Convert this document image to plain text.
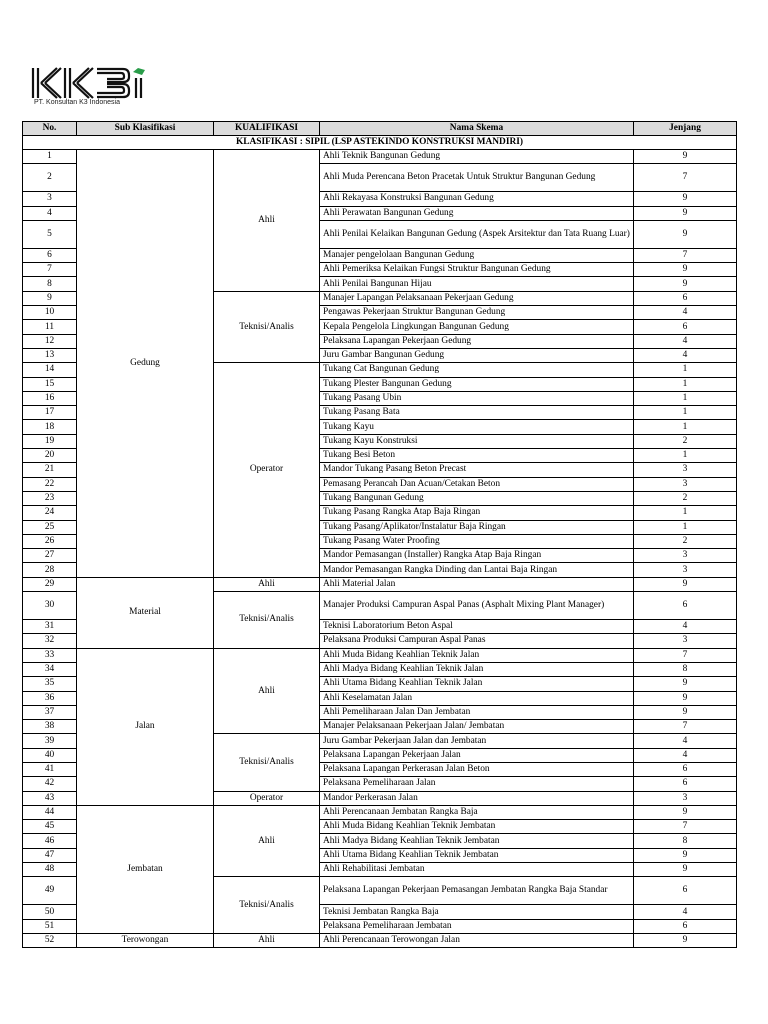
PT. Konsultan K3 Indonesia
No.	Sub Klasifikasi	KUALIFIKASI	Nama Skema	Jenjang
KLASIFIKASI : SIPIL (LSP ASTEKINDO KONSTRUKSI MANDIRI)				
1	Gedung	Ahli	Ahli Teknik Bangunan Gedung	9
2			Ahli Muda Perencana Beton Pracetak Untuk Struktur Bangunan Gedung	7
3			Ahli Rekayasa Konstruksi Bangunan Gedung	9
4			Ahli Perawatan Bangunan Gedung	9
5			Ahli Penilai Kelaikan Bangunan Gedung (Aspek Arsitektur dan Tata Ruang Luar)	9
6			Manajer pengelolaan Bangunan Gedung	7
7			Ahli Pemeriksa Kelaikan Fungsi Struktur Bangunan Gedung	9
8			Ahli Penilai Bangunan Hijau	9
9		Teknisi/Analis	Manajer Lapangan Pelaksanaan Pekerjaan Gedung	6
10			Pengawas Pekerjaan Struktur Bangunan Gedung	4
11			Kepala Pengelola Lingkungan Bangunan Gedung	6
12			Pelaksana Lapangan Pekerjaan Gedung	4
13			Juru Gambar Bangunan Gedung	4
14		Operator	Tukang Cat Bangunan Gedung	1
15			Tukang Plester Bangunan Gedung	1
16			Tukang Pasang Ubin	1
17			Tukang Pasang Bata	1
18			Tukang Kayu	1
19			Tukang Kayu Konstruksi	2
20			Tukang Besi Beton	1
21			Mandor Tukang Pasang Beton Precast	3
22			Pemasang Perancah Dan Acuan/Cetakan Beton	3
23			Tukang Bangunan Gedung	2
24			Tukang Pasang Rangka Atap Baja Ringan	1
25			Tukang Pasang/Aplikator/Instalatur Baja Ringan	1
26			Tukang Pasang Water Proofing	2
27			Mandor Pemasangan (Installer) Rangka Atap Baja Ringan	3
28			Mandor Pemasangan Rangka Dinding dan Lantai Baja Ringan	3
29	Material	Ahli	Ahli Material Jalan	9
30		Teknisi/Analis	Manajer Produksi Campuran Aspal Panas (Asphalt Mixing Plant Manager)	6
31			Teknisi Laboratorium Beton Aspal	4
32			Pelaksana Produksi Campuran Aspal Panas	3
33	Jalan	Ahli	Ahli Muda Bidang Keahlian Teknik Jalan	7
34			Ahli Madya Bidang Keahlian Teknik Jalan	8
35			Ahli Utama Bidang Keahlian Teknik Jalan	9
36			Ahli Keselamatan Jalan	9
37			Ahli Pemeliharaan Jalan Dan Jembatan	9
38			Manajer Pelaksanaan Pekerjaan Jalan/ Jembatan	7
39		Teknisi/Analis	Juru Gambar Pekerjaan Jalan dan Jembatan	4
40			Pelaksana Lapangan Pekerjaan Jalan	4
41			Pelaksana Lapangan Perkerasan Jalan Beton	6
42			Pelaksana Pemeliharaan Jalan	6
43		Operator	Mandor Perkerasan Jalan	3
44	Jembatan	Ahli	Ahli Perencanaan Jembatan Rangka Baja	9
45			Ahli Muda Bidang Keahlian Teknik Jembatan	7
46			Ahli Madya Bidang Keahlian Teknik Jembatan	8
47			Ahli Utama Bidang Keahlian Teknik Jembatan	9
48			Ahli Rehabilitasi Jembatan	9
49		Teknisi/Analis	Pelaksana Lapangan Pekerjaan Pemasangan Jembatan Rangka Baja Standar	6
50			Teknisi Jembatan Rangka Baja	4
51			Pelaksana Pemeliharaan Jembatan	6
52	Terowongan	Ahli	Ahli Perencanaan Terowongan Jalan	9
